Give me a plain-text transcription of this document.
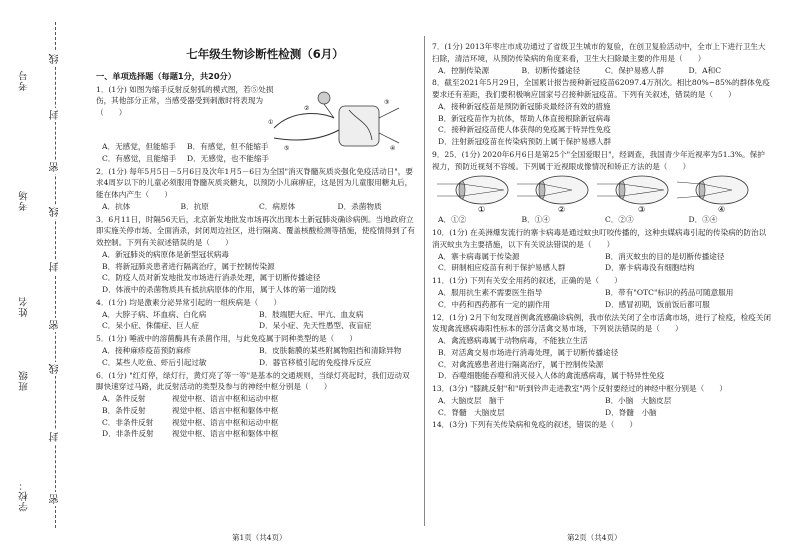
学校：
班级
姓名
考场
考号
密
封
线
密
封
线
密
封
线	七年级生物诊断性检测（6月）
一、单项选择题（每题1分，共20分）
1．(1分) 如图为缩手反射反射弧的模式图，若⑤处损伤，其他部分正常，当感受器受到刺激时将表现为（　　）
①
②
③
④
⑤
A．无感觉，但能缩手	B．有感觉，但不能缩手
C．有感觉，且能缩手	D．无感觉，也不能缩手
2．(1分) 每年5月5日－5月6日及次年1月5－6日为全国"消灭脊髓灰质炎强化免疫活动日"，要求4周岁以下的儿童必须服用脊髓灰质炎糖丸，以预防小儿麻痹症，这是因为儿童服用糖丸后，能在体内产生（　　）
A．抗体	B．抗原	C．病原体	D．杀菌物质
3．6月11日，时隔56天后，北京新发地批发市场再次出现本土新冠肺炎确诊病例。当地政府立即实施关停市场、全面消杀，封闭周边社区，进行隔离、覆盖核酸检测等措施，使疫情得到了有效控制。下列有关叙述错误的是（　　）
A．新冠肺炎的病原体是新型冠状病毒
B．将新冠肺炎患者进行隔离治疗，属于控制传染源
C．防疫人员对新发地批发市场进行消杀处理，属于切断传播途径
D．体液中的杀菌物质具有抵抗病原体的作用，属于人体的第一道防线
4．(1分) 均是激素分泌异常引起的一组疾病是（　　）
A．大脖子病、坏血病、白化病	B．肢端肥大症、甲亢、血友病
C．呆小症、侏儒症、巨人症	D．呆小症、先天性愚型、夜盲症
5．(1分) 唾液中的溶菌酶具有杀菌作用，与此免疫属于同种类型的是（　　）
A．接种麻疹疫苗预防麻疹	B．皮肤黏膜的某些附属物阻挡和清除异物
C．某些人吃鱼、虾后引起过敏	D．器官移植引起的免疫排斥反应
6．(1分) "红灯停，绿灯行，黄灯亮了等一等"是基本的交通规则，当绿灯亮起时，我们迈动双脚快速穿过马路，此反射活动的类型及参与的神经中枢分别是（　　）
A．条件反射	视觉中枢、语言中枢和运动中枢
B．条件反射	视觉中枢、语言中枢和躯体中枢
C．非条件反射	视觉中枢、语言中枢和运动中枢
D．非条件反射	视觉中枢、语言中枢和躯体中枢
7．(1分) 2013年枣庄市成功通过了省级卫生城市的复验，在创卫复验活动中，全市上下进行卫生大扫除，清洁环境，从预防传染病的角度来看，卫生大扫除最主要的作用是（　　）
A．控制传染源	B．切断传播途径	C．保护易感人群	D．A和C
8．截至2021年5月29日，全国累计报告接种新冠疫苗62097.4万剂次。相比80%~85%的群体免疫要求还有差距，我们要积极响应国家号召接种新冠疫苗。下列有关叙述，错误的是（　　）
A．接种新冠疫苗是预防新冠肺炎最经济有效的措施
B．新冠疫苗作为抗体，帮助人体直接根除新冠病毒
C．接种新冠疫苗使人体获得的免疫属于特异性免疫
D．注射新冠疫苗在传染病预防上属于保护易感人群
9．25．(1分) 2020年6月6日是第25个"全国爱眼日"，经调查，我国青少年近视率为51.3%。保护视力，预防近视刻不容缓。下列属于近视眼成像情况和矫正方法的是（　　）
①	②	③	④
A．①②	B．①④	C．②③	D．③④
10．(1分) 在美洲爆发流行的寨卡病毒是通过蚊虫叮咬传播的，这种虫媒病毒引起的传染病的防治以消灭蚊虫为主要措施，以下有关说法错误的是（　　）
A．寨卡病毒属于传染源	B．消灭蚊虫的目的是切断传播途径
C．研制相应疫苗有利于保护易感人群	D．寨卡病毒没有细胞结构
11．(1分) 下列有关安全用药的叙述，正确的是（　　）
A．服用抗生素不需要医生指导	B．带有"OTC"标识的药品可随意服用
C．中药和西药都有一定的副作用	D．感冒初期，饭前饭后都可服
12．(1分) 2月下旬发现首例禽流感确诊病例，我市依法关闭了全市活禽市场，进行了检疫，检疫关闭发现禽流感病毒阳性标本的部分活禽交易市场，下列说法错误的是（　　）
A．禽流感病毒属于动物病毒，不能独立生活
B．对活禽交易市场进行消毒处理，属于切断传播途径
C．对禽流感患者进行隔离治疗，属于控制传染源
D．吞噬细胞能吞噬和消灭侵入人体的禽流感病毒，属于特异性免疫
13．(3分) "膝跳反射"和"听到铃声走进教室"两个反射要经过的神经中枢分别是（　　）
A．大脑皮层　 脑干	B．小脑　 大脑皮层
C．脊髓　 大脑皮层	D．脊髓　 小脑
14．(3分) 下列有关传染病和免疫的叙述，错误的是（　　）
第1页（共4页）	第2页（共4页）
